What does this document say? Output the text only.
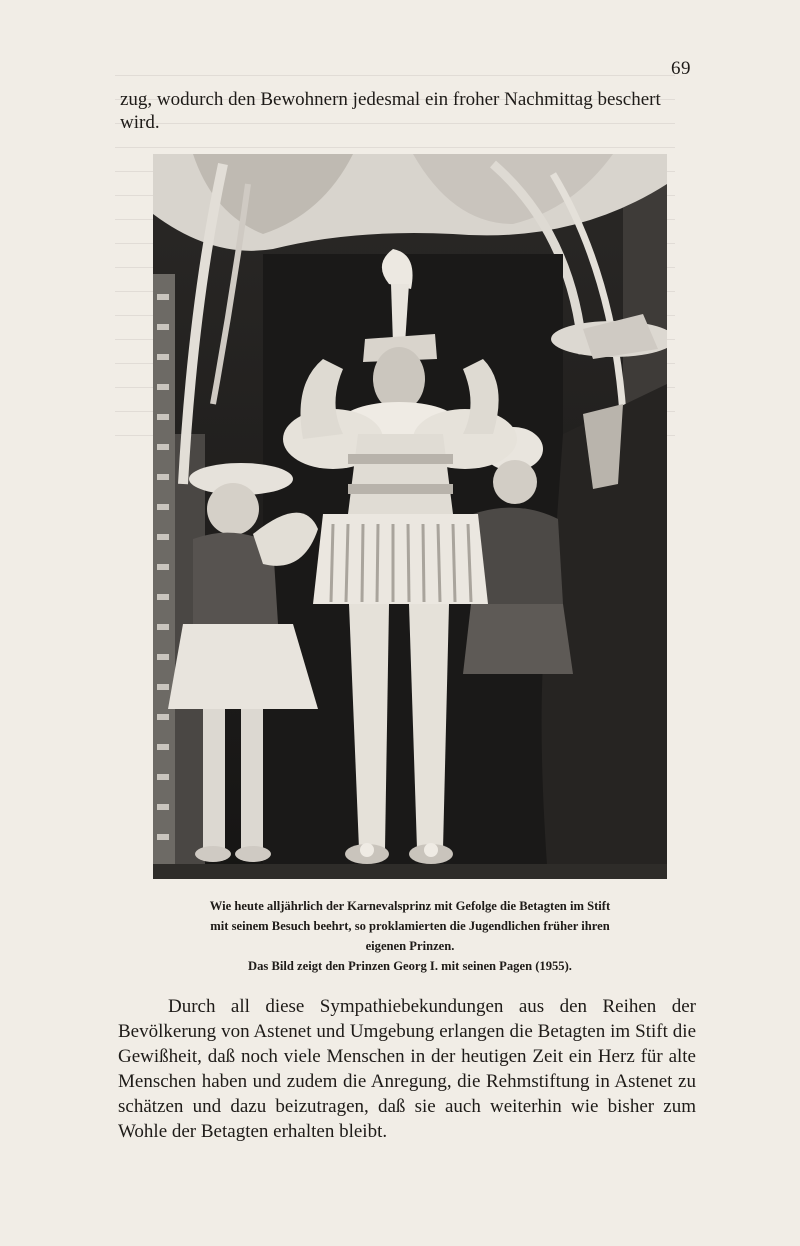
69

zug, wodurch den Bewohnern jedesmal ein froher Nachmittag beschert wird.

Wie heute alljährlich der Karnevalsprinz mit Gefolge die Betagten im Stift
mit seinem Besuch beehrt, so proklamierten die Jugendlichen früher ihren
eigenen Prinzen.
Das Bild zeigt den Prinzen Georg I. mit seinen Pagen (1955).

Durch all diese Sympathiebekundungen aus den Reihen der Bevölkerung von Astenet und Umgebung erlangen die Betagten im Stift die Gewißheit, daß noch viele Menschen in der heutigen Zeit ein Herz für alte Menschen haben und zudem die Anregung, die Rehmstiftung in Astenet zu schätzen und dazu beizutragen, daß sie auch weiterhin wie bisher zum Wohle der Betagten erhalten bleibt.
